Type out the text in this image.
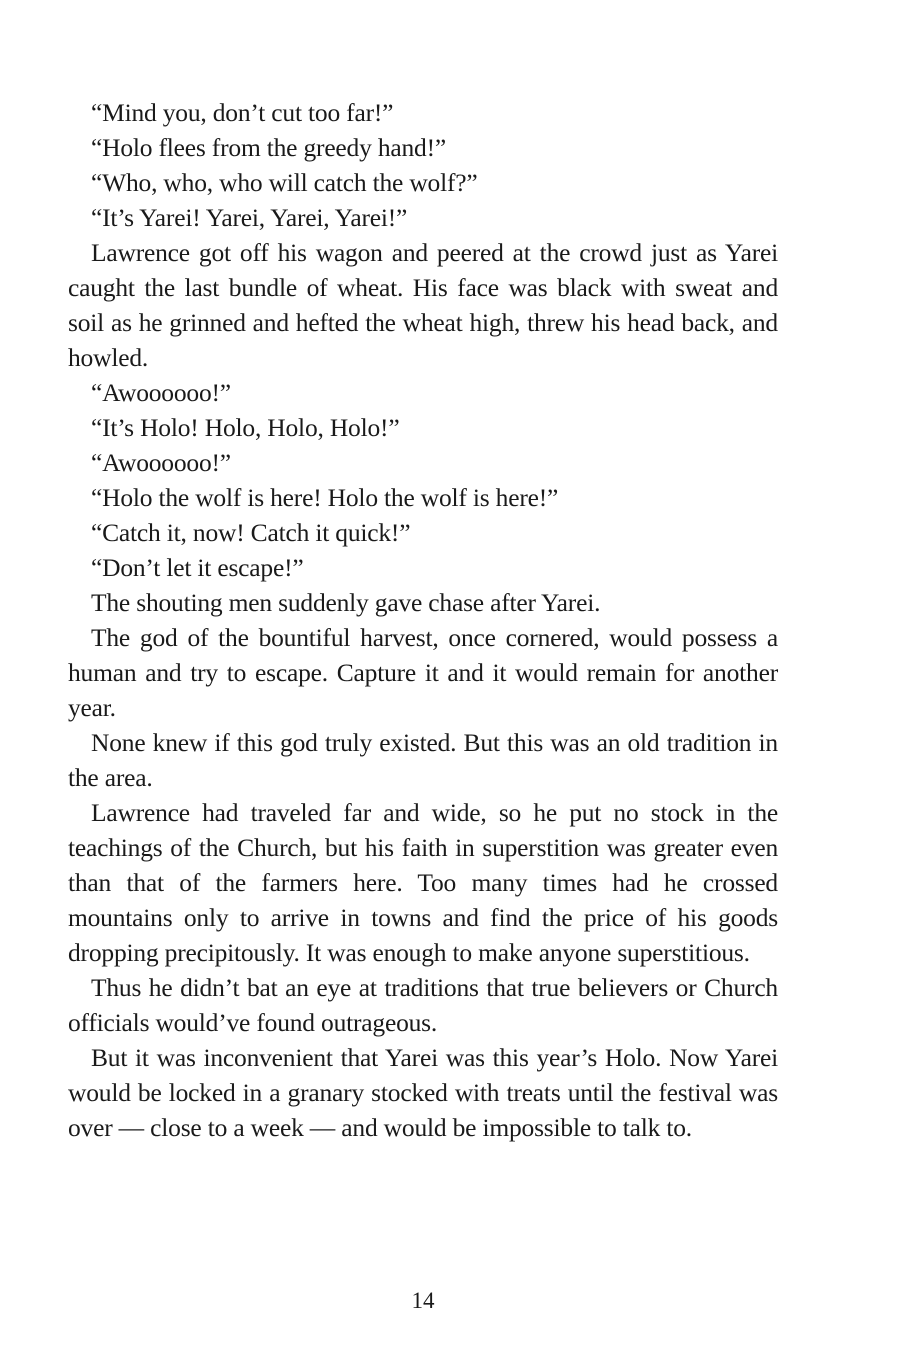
“Mind you, don’t cut too far!”

“Holo flees from the greedy hand!”

“Who, who, who will catch the wolf?”

“It’s Yarei! Yarei, Yarei, Yarei!”

Lawrence got off his wagon and peered at the crowd just as Yarei caught the last bundle of wheat. His face was black with sweat and soil as he grinned and hefted the wheat high, threw his head back, and howled.

“Awoooooo!”

“It’s Holo! Holo, Holo, Holo!”

“Awoooooo!”

“Holo the wolf is here! Holo the wolf is here!”

“Catch it, now! Catch it quick!”

“Don’t let it escape!”

The shouting men suddenly gave chase after Yarei.

The god of the bountiful harvest, once cornered, would possess a human and try to escape. Capture it and it would remain for another year.

None knew if this god truly existed. But this was an old tradition in the area.

Lawrence had traveled far and wide, so he put no stock in the teachings of the Church, but his faith in superstition was greater even than that of the farmers here. Too many times had he crossed mountains only to arrive in towns and find the price of his goods dropping precipitously. It was enough to make anyone superstitious.

Thus he didn’t bat an eye at traditions that true believers or Church officials would’ve found outrageous.

But it was inconvenient that Yarei was this year’s Holo. Now Yarei would be locked in a granary stocked with treats until the festival was over — close to a week — and would be impossible to talk to.

14
